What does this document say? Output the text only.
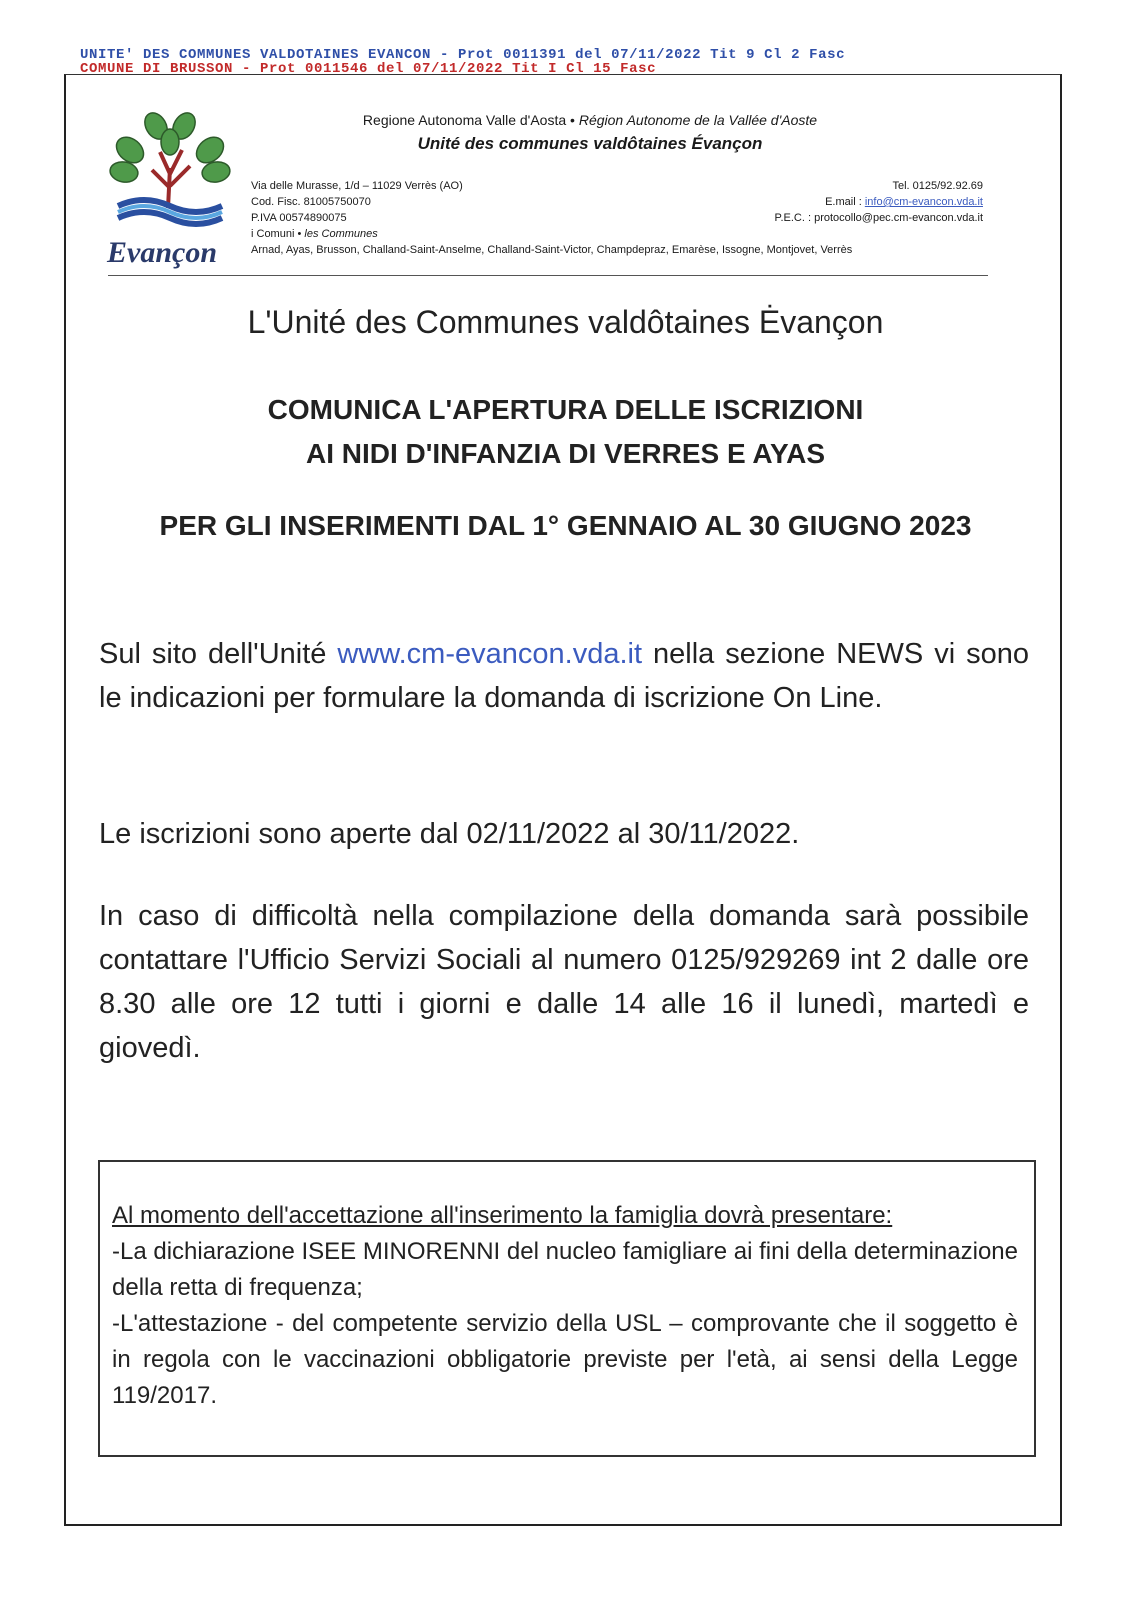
UNITE' DES COMMUNES VALDOTAINES EVANCON - Prot 0011391 del 07/11/2022 Tit 9 Cl 2 Fasc
COMUNE DI BRUSSON - Prot 0011546 del 07/11/2022 Tit I Cl 15 Fasc
Evançon
Regione Autonoma Valle d'Aosta • Région Autonome de la Vallée d'Aoste
Unité des communes valdôtaines Évançon
Via delle Murasse, 1/d – 11029 Verrès (AO)
Cod. Fisc. 81005750070
P.IVA 00574890075
i Comuni • les Communes
Tel. 0125/92.92.69
E.mail : info@cm-evancon.vda.it
P.E.C. : protocollo@pec.cm-evancon.vda.it
Arnad, Ayas, Brusson, Challand-Saint-Anselme, Challand-Saint-Victor, Champdepraz, Emarèse, Issogne, Montjovet, Verrès
L'Unité des Communes valdôtaines Ėvançon
COMUNICA L'APERTURA DELLE ISCRIZIONI
AI NIDI D'INFANZIA DI VERRES E AYAS
PER GLI INSERIMENTI DAL 1° GENNAIO AL 30 GIUGNO 2023
Sul sito dell'Unité www.cm-evancon.vda.it nella sezione NEWS vi sono le indicazioni per formulare la domanda di iscrizione On Line.
Le iscrizioni sono aperte dal 02/11/2022 al 30/11/2022.
In caso di difficoltà nella compilazione della domanda sarà possibile contattare l'Ufficio Servizi Sociali al numero 0125/929269 int 2 dalle ore 8.30 alle ore 12 tutti i giorni e dalle 14 alle 16 il lunedì, martedì e giovedì.
Al momento dell'accettazione all'inserimento la famiglia dovrà presentare:
-La dichiarazione ISEE MINORENNI del nucleo famigliare ai fini della determinazione della retta di frequenza;
-L'attestazione - del competente servizio della USL – comprovante che il soggetto è in regola con le vaccinazioni obbligatorie previste per l'età, ai sensi della Legge 119/2017.
